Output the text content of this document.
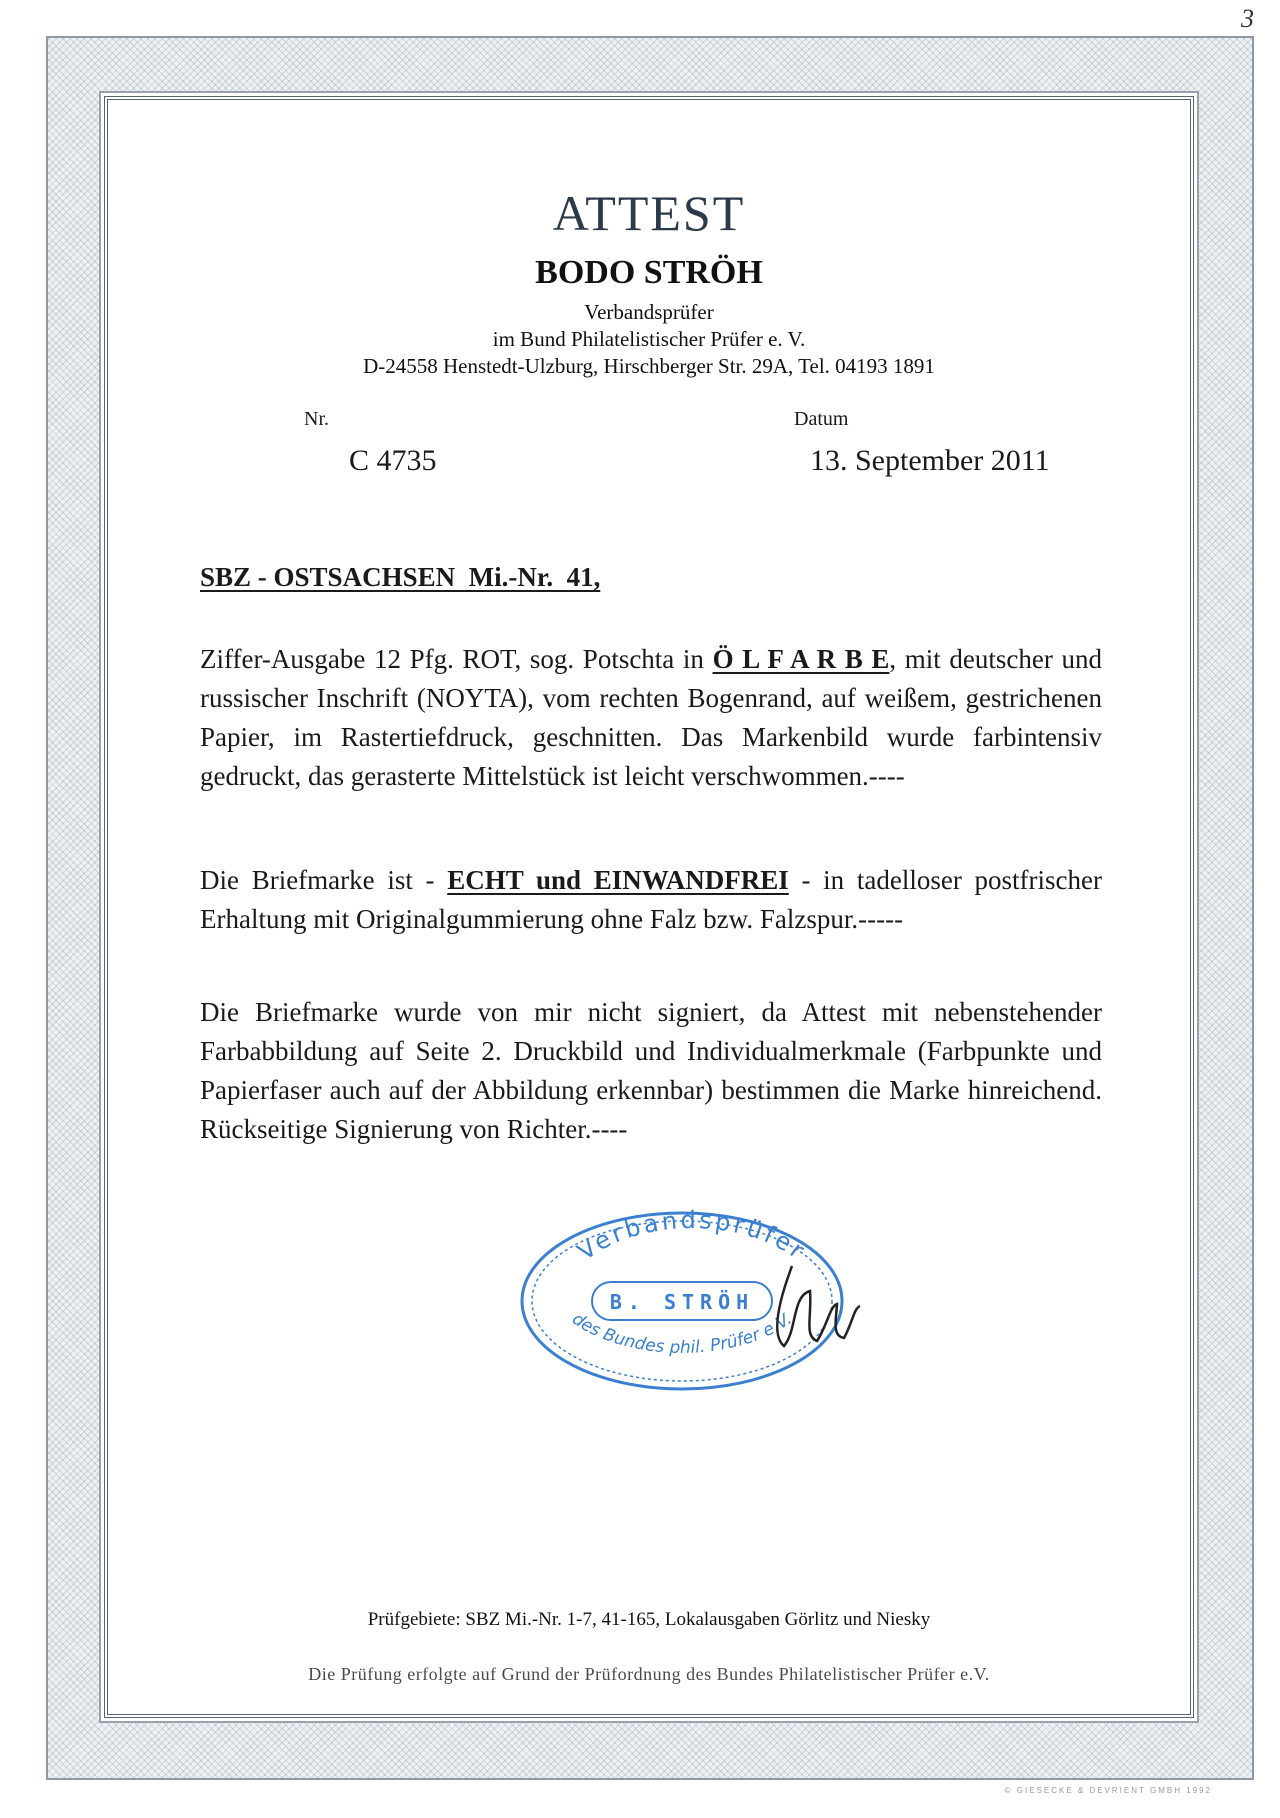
3
ATTEST
BODO STRÖH
Verbandsprüfer
im Bund Philatelistischer Prüfer e. V.
D-24558 Henstedt-Ulzburg, Hirschberger Str. 29A, Tel. 04193 1891
Nr.	Datum
C 4735	13. September 2011
SBZ - OSTSACHSEN  Mi.-Nr.  41,
Ziffer-Ausgabe 12 Pfg. ROT, sog. Potschta in Ö L F A R B E, mit deutscher und russischer Inschrift (NOYTA), vom rechten Bogenrand, auf weißem, gestrichenen Papier, im Rastertiefdruck, geschnitten. Das Markenbild wurde farbintensiv gedruckt, das gerasterte Mittelstück ist leicht verschwommen.----
Die Briefmarke ist - ECHT und EINWANDFREI - in tadelloser postfrischer Erhaltung mit Originalgummierung ohne Falz bzw. Falzspur.-----
Die Briefmarke wurde von mir nicht signiert, da Attest mit nebenstehender Farbabbildung auf Seite 2. Druckbild und Individualmerkmale (Farbpunkte und Papierfaser auch auf der Abbildung erkennbar) bestimmen die Marke hinreichend. Rückseitige Signierung von Richter.----
Verbandsprüfer
B. STRÖH
des Bundes phil. Prüfer e.V.
Prüfgebiete: SBZ Mi.-Nr. 1-7, 41-165, Lokalausgaben Görlitz und Niesky
Die Prüfung erfolgte auf Grund der Prüfordnung des Bundes Philatelistischer Prüfer e.V.
© GIESECKE & DEVRIENT GMBH 1992
